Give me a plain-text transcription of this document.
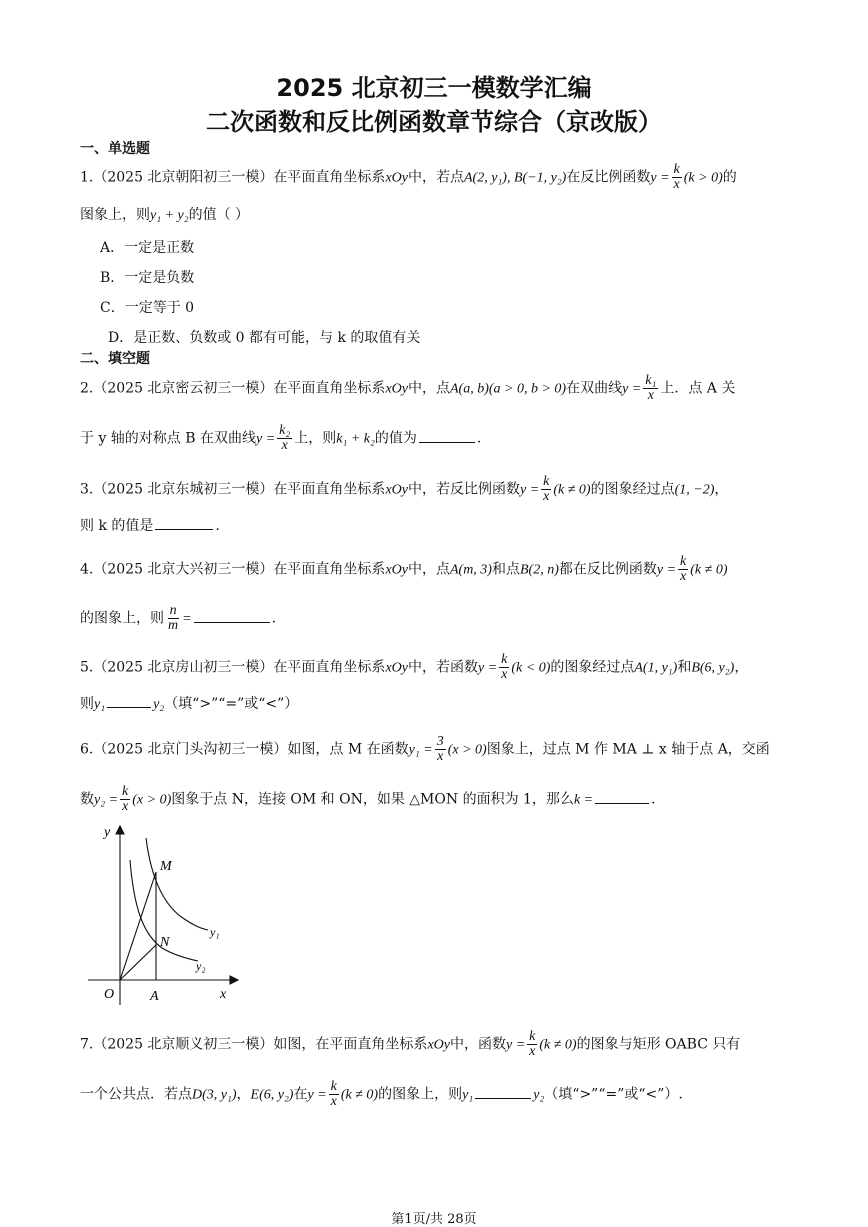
2025 北京初三一模数学汇编
二次函数和反比例函数章节综合（京改版）
一、单选题
1.（2025 北京朝阳初三一模）在平面直角坐标系xOy中，若点A(2, y₁), B(−1, y₂)在反比例函数$y = \frac{k}{x} (k > 0)$的
图象上，则y₁ + y₂的值（ ）
A．一定是正数
B．一定是负数
C．一定等于 0
D．是正数、负数或 0 都有可能，与 k 的取值有关
二、填空题
2.（2025 北京密云初三一模）在平面直角坐标系xOy中，点A(a, b)(a > 0, b > 0)在双曲线$y = \frac{\text{k₁}}{x}$ 上．点 A 关
于 y 轴的对称点 B 在双曲线$y = \frac{\text{k₂}}{x}$ 上，则k₁ + k₂的值为	.
3.（2025 北京东城初三一模）在平面直角坐标系xOy中，若反比例函数$y = \frac{k}{x} (k \ne 0)$的图象经过点(1, −2)，
则 k 的值是	.
4.（2025 北京大兴初三一模）在平面直角坐标系xOy中，点A(m, 3)和点B(2, n)都在反比例函数$y = \frac{k}{x} (k \ne 0)$
的图象上，则 $\frac{n}{m}$ =	.
5.（2025 北京房山初三一模）在平面直角坐标系xOy中，若函数$y = \frac{k}{x} (k < 0)$的图象经过点A(1, y₁)和B(6, y₂)，
则y₁	y₂（填“>”“=”或“<”）
6.（2025 北京门头沟初三一模）如图，点 M 在函数$y_1 = \frac{3}{x} (x > 0)$图象上，过点 M 作 MA ⊥ x 轴于点 A，交函
数$y_2 = \frac{k}{x} (x > 0)$图象于点 N，连接 OM 和 ON，如果 △MON 的面积为 1，那么k =	.
y
x
O	A
M
N
y₁
y₂
7.（2025 北京顺义初三一模）如图，在平面直角坐标系xOy中，函数$y = \frac{k}{x} (k \ne 0)$的图象与矩形 OABC 只有
一个公共点．若点D(3, y₁)，E(6, y₂)在$y = \frac{k}{x} (k \ne 0)$的图象上，则y₁	y₂（填“>”“=”或“<”）.
第1页/共 28页
